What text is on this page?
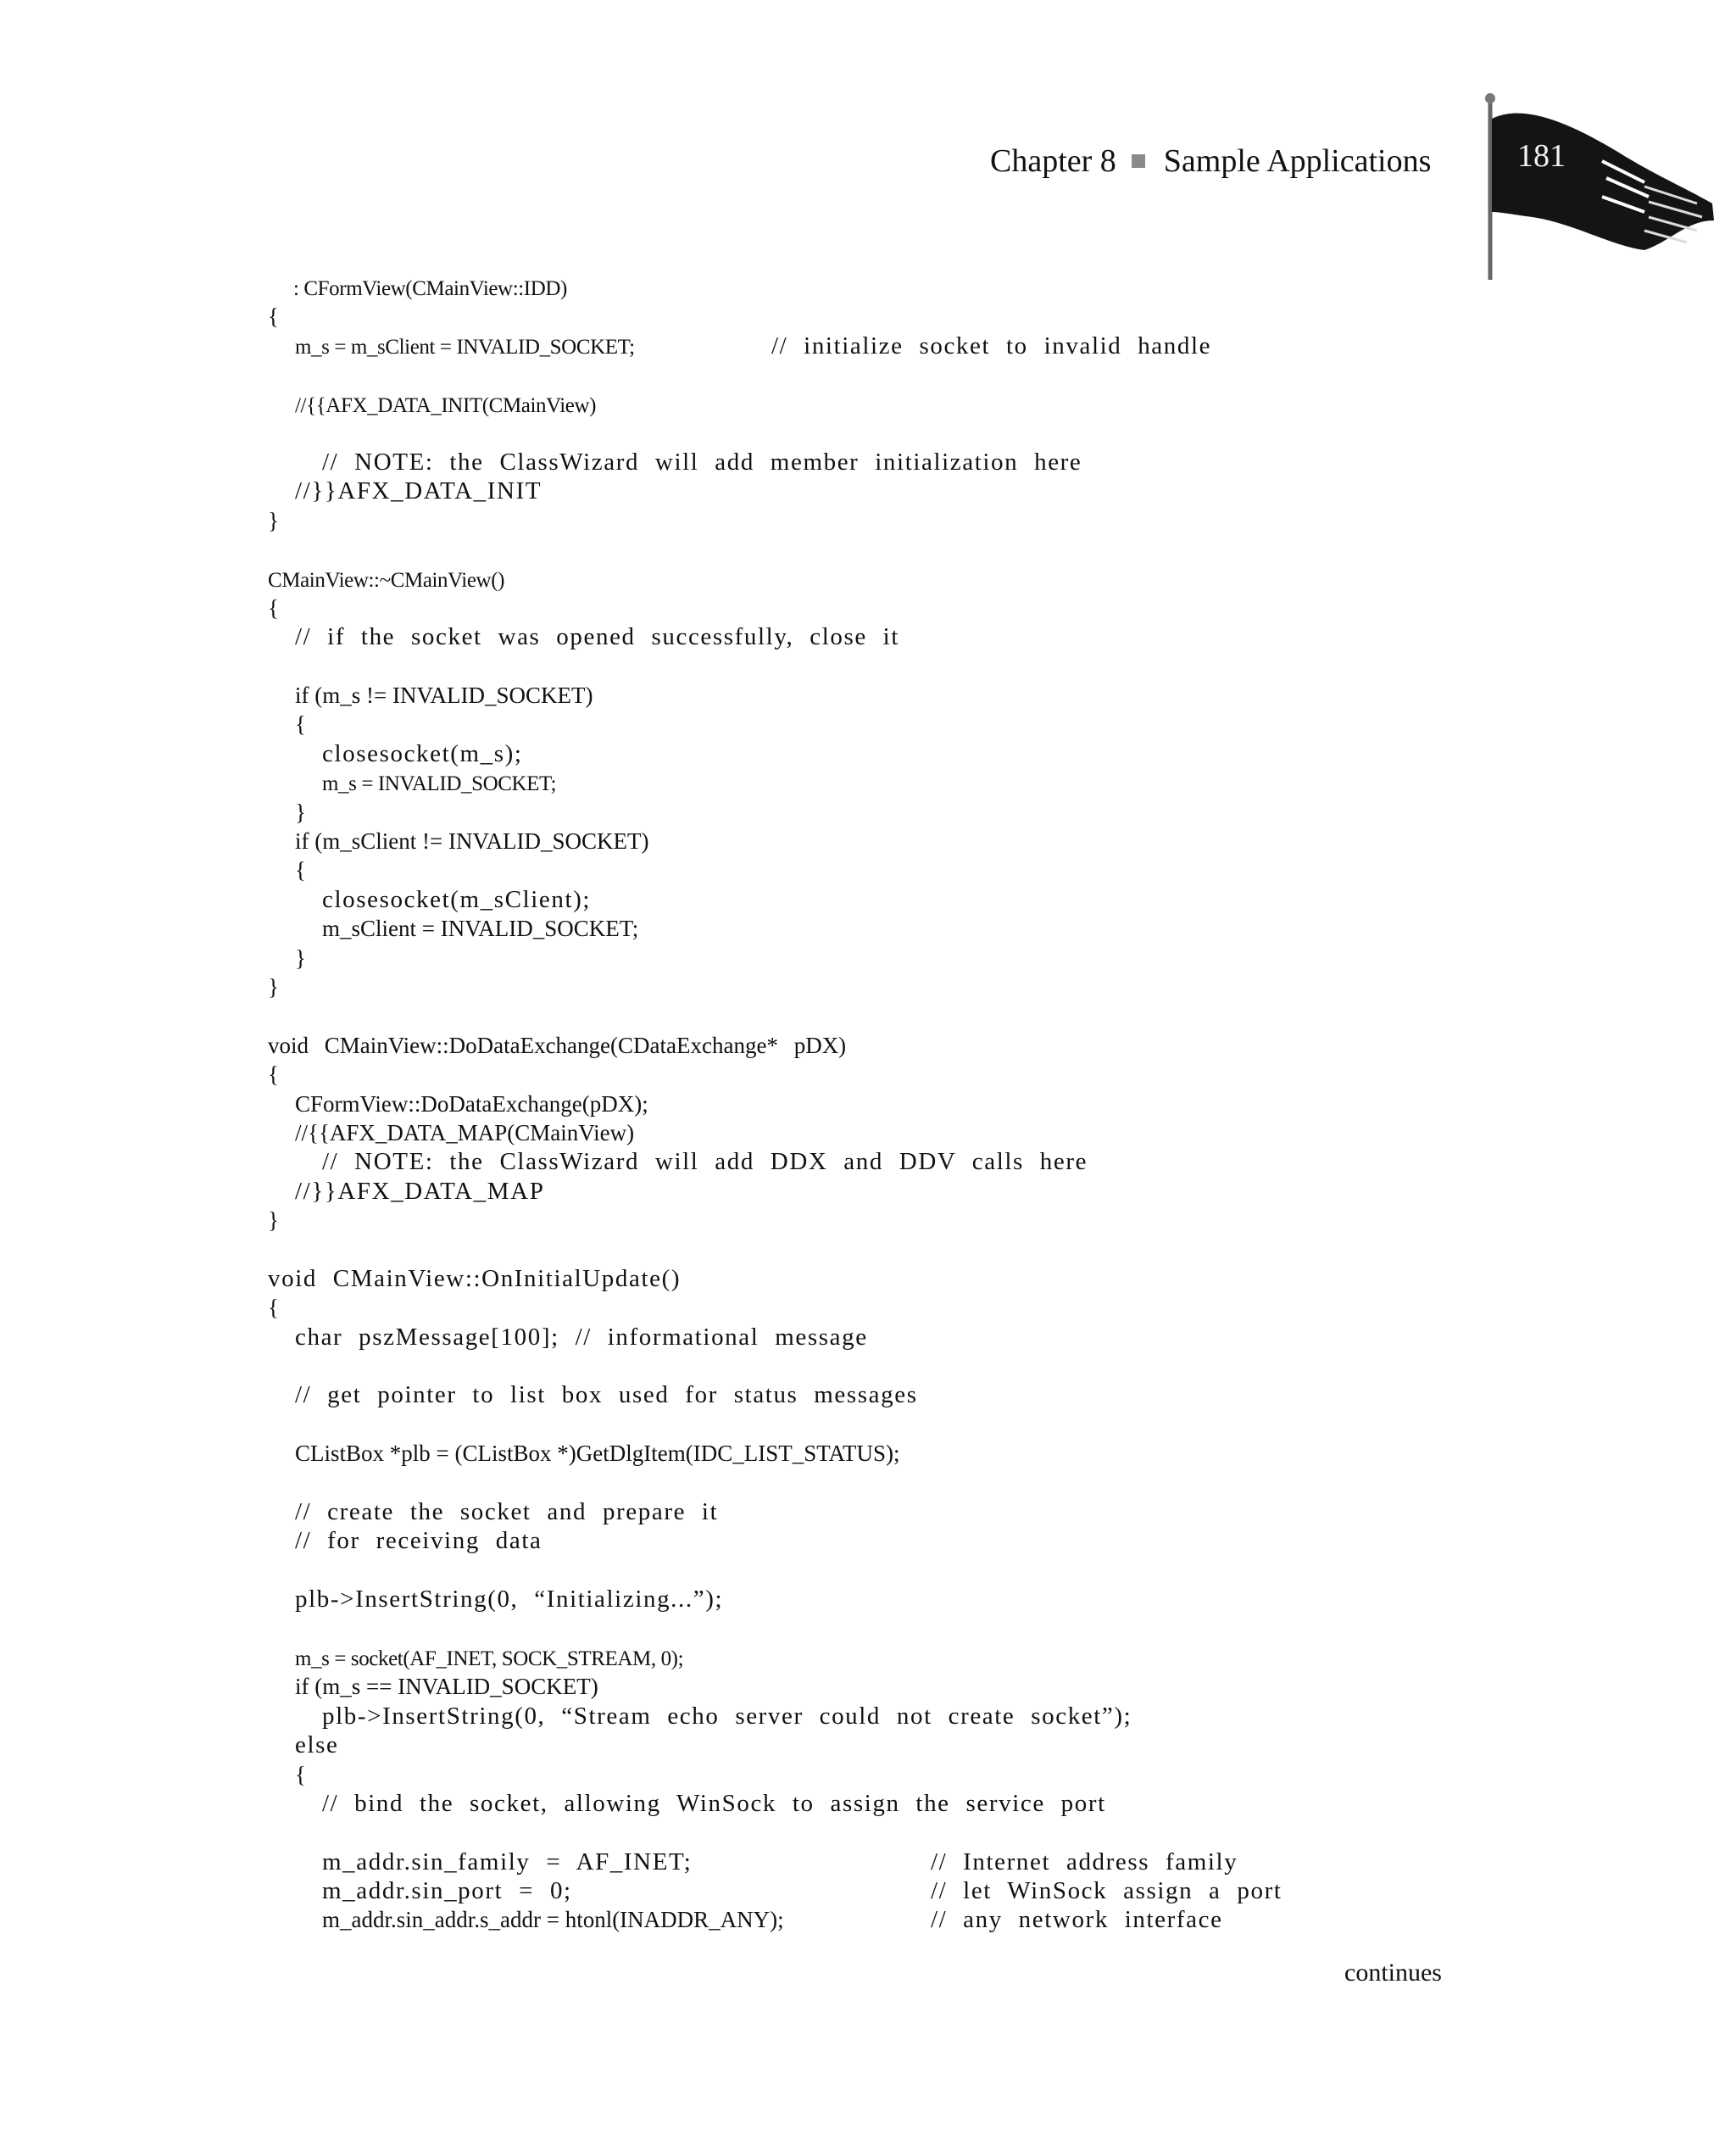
Chapter 8 Sample Applications	181
: CFormView(CMainView::IDD)
{
m_s = m_sClient = INVALID_SOCKET;	// initialize socket to invalid handle
//{{AFX_DATA_INIT(CMainView)
// NOTE: the ClassWizard will add member initialization here
//}}AFX_DATA_INIT
}
CMainView::~CMainView()
{
// if the socket was opened successfully, close it
if (m_s != INVALID_SOCKET)
{
closesocket(m_s);
m_s = INVALID_SOCKET;
}
if (m_sClient != INVALID_SOCKET)
{
closesocket(m_sClient);
m_sClient = INVALID_SOCKET;
}
}
void CMainView::DoDataExchange(CDataExchange* pDX)
{
CFormView::DoDataExchange(pDX);
//{{AFX_DATA_MAP(CMainView)
// NOTE: the ClassWizard will add DDX and DDV calls here
//}}AFX_DATA_MAP
}
void CMainView::OnInitialUpdate()
{
char pszMessage[100]; // informational message
// get pointer to list box used for status messages
CListBox *plb = (CListBox *)GetDlgItem(IDC_LIST_STATUS);
// create the socket and prepare it
// for receiving data
plb->InsertString(0, “Initializing...”);
m_s = socket(AF_INET, SOCK_STREAM, 0);
if (m_s == INVALID_SOCKET)
plb->InsertString(0, “Stream echo server could not create socket”);
else
{
// bind the socket, allowing WinSock to assign the service port
m_addr.sin_family = AF_INET;	// Internet address family
m_addr.sin_port = 0;	// let WinSock assign a port
m_addr.sin_addr.s_addr = htonl(INADDR_ANY);	// any network interface
continues
